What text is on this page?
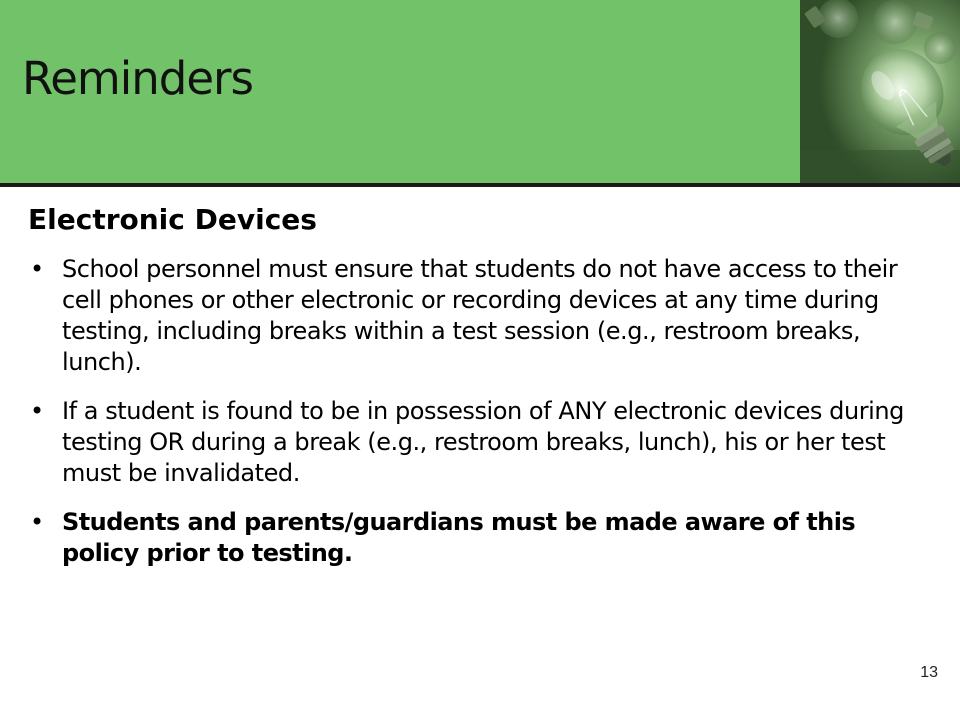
Reminders
Electronic Devices
• School personnel must ensure that students do not have access to their cell phones or other electronic or recording devices at any time during testing, including breaks within a test session (e.g., restroom breaks, lunch).
• If a student is found to be in possession of ANY electronic devices during testing OR during a break (e.g., restroom breaks, lunch), his or her test must be invalidated.
• Students and parents/guardians must be made aware of this policy prior to testing.
13
